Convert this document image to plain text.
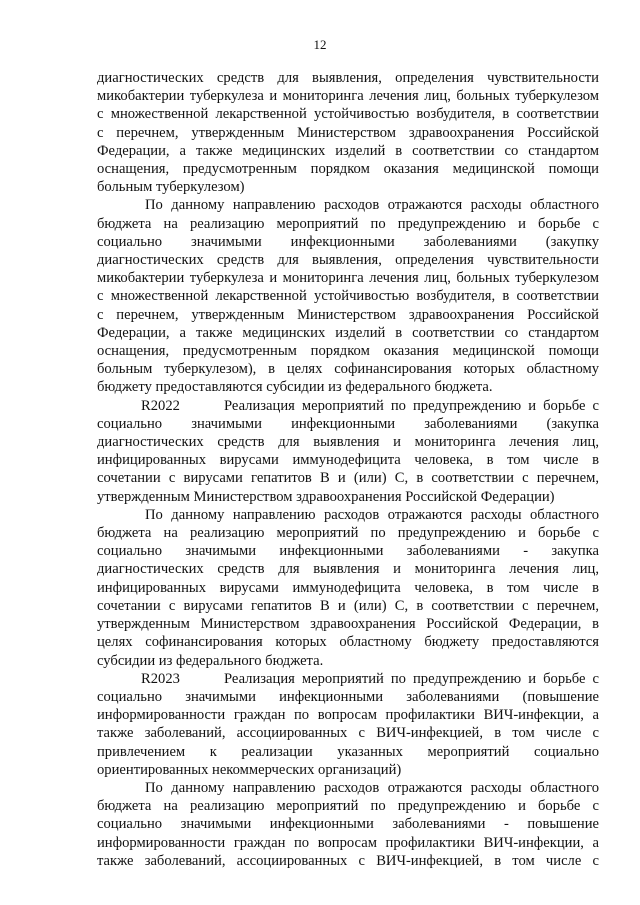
12
диагностических средств для выявления, определения чувствительности
микобактерии туберкулеза и мониторинга лечения лиц, больных туберкулезом
с множественной лекарственной устойчивостью возбудителя, в соответствии
с перечнем, утвержденным Министерством здравоохранения Российской
Федерации, а также медицинских изделий в соответствии со стандартом
оснащения, предусмотренным порядком оказания медицинской помощи
больным туберкулезом)
По данному направлению расходов отражаются расходы областного
бюджета на реализацию мероприятий по предупреждению и борьбе с
социально значимыми инфекционными заболеваниями (закупку
диагностических средств для выявления, определения чувствительности
микобактерии туберкулеза и мониторинга лечения лиц, больных туберкулезом
с множественной лекарственной устойчивостью возбудителя, в соответствии
с перечнем, утвержденным Министерством здравоохранения Российской
Федерации, а также медицинских изделий в соответствии со стандартом
оснащения, предусмотренным порядком оказания медицинской помощи
больным туберкулезом), в целях софинансирования которых областному
бюджету предоставляются субсидии из федерального бюджета.
R2022	Реализация мероприятий по предупреждению и борьбе с
социально значимыми инфекционными заболеваниями (закупка
диагностических средств для выявления и мониторинга лечения лиц,
инфицированных вирусами иммунодефицита человека, в том числе в
сочетании с вирусами гепатитов В и (или) С, в соответствии с перечнем,
утвержденным Министерством здравоохранения Российской Федерации)
По данному направлению расходов отражаются расходы областного
бюджета на реализацию мероприятий по предупреждению и борьбе с
социально значимыми инфекционными заболеваниями - закупка
диагностических средств для выявления и мониторинга лечения лиц,
инфицированных вирусами иммунодефицита человека, в том числе в
сочетании с вирусами гепатитов В и (или) С, в соответствии с перечнем,
утвержденным Министерством здравоохранения Российской Федерации, в
целях софинансирования которых областному бюджету предоставляются
субсидии из федерального бюджета.
R2023	Реализация мероприятий по предупреждению и борьбе с
социально значимыми инфекционными заболеваниями (повышение
информированности граждан по вопросам профилактики ВИЧ-инфекции, а
также заболеваний, ассоциированных с ВИЧ-инфекцией, в том числе с
привлечением к реализации указанных мероприятий социально
ориентированных некоммерческих организаций)
По данному направлению расходов отражаются расходы областного
бюджета на реализацию мероприятий по предупреждению и борьбе с
социально значимыми инфекционными заболеваниями - повышение
информированности граждан по вопросам профилактики ВИЧ-инфекции, а
также заболеваний, ассоциированных с ВИЧ-инфекцией, в том числе с
